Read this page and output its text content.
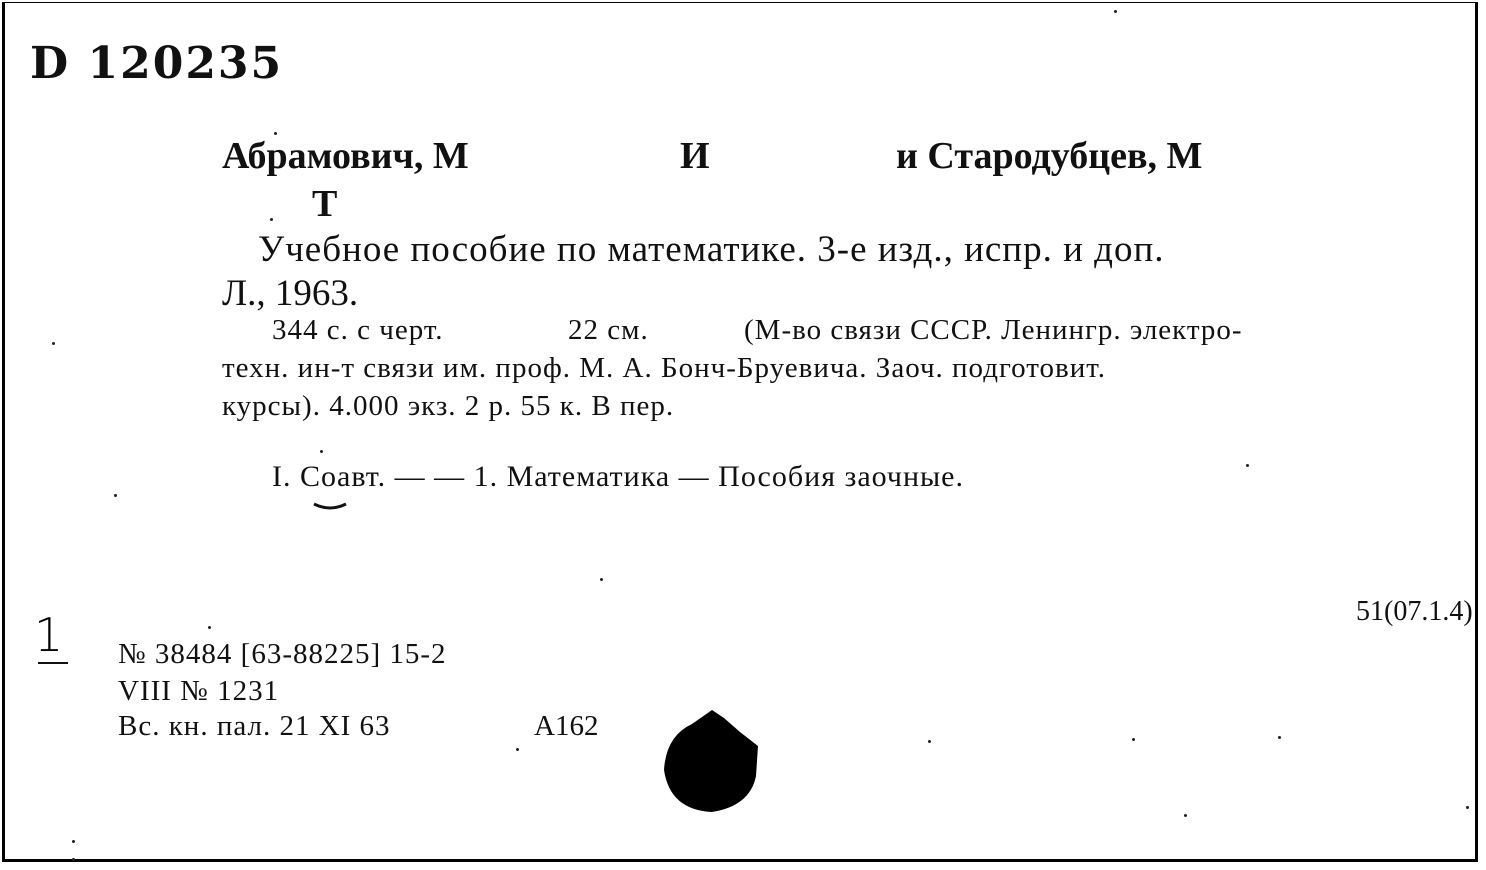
D 120235
Абрамович, М	И	и Стародубцев, М
Т
Учебное пособие по математике. 3-е изд., испр. и доп.
Л., 1963.
344 с. с черт.	22 см.	(М-во связи СССР. Ленингр. электро-
техн. ин-т связи им. проф. М. А. Бонч-Бруевича. Заоч. подготовит.
курсы). 4.000 экз. 2 р. 55 к. В пер.
I. Соавт. — — 1. Математика — Пособия заочные.
51(07.1.4)
1 № 38484 [63-88225] 15-2
VIII № 1231
Вс. кн. пал. 21 XI 63	А162
